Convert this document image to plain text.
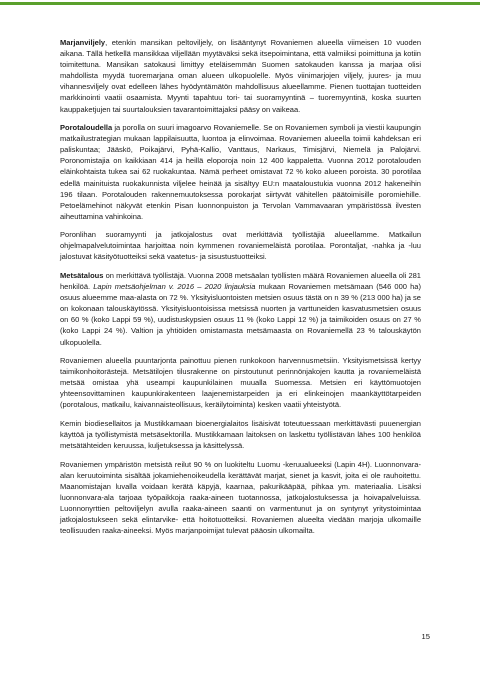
Marjanviljely, etenkin mansikan peltoviljely, on lisääntynyt Rovaniemen alueella viimeisen 10 vuoden aikana. Tällä hetkellä mansikkaa viljellään myytäväksi sekä itsepoimintana, että valmiiksi poimittuna ja kotiin toimitettuna. Mansikan satokausi limittyy eteläisemmän Suomen satokauden kanssa ja marjaa olisi mahdollista myydä tuoremarjana oman alueen ulkopuolelle. Myös viinimarjojen viljely, juures- ja muu vihannesviljely ovat edelleen lähes hyödyntämätön mahdollisuus alueellamme. Pienen tuottajan tuotteiden markkinointi vaatii osaamista. Myynti tapahtuu tori- tai suoramyyntinä – tuoremyyntinä, koska suurten kauppaketjujen tai suurtalouksien tavarantoimittajaksi pääsy on vaikeaa.

Porotaloudella ja porolla on suuri imagoarvo Rovaniemelle. Se on Rovaniemen symboli ja viestii kaupungin matkailustrategian mukaan lappilaisuutta, luontoa ja elinvoimaa. Rovaniemen alueella toimii kahdeksan eri paliskuntaa; Jääskö, Poikajärvi, Pyhä-Kallio, Vanttaus, Narkaus, Timisjärvi, Niemelä ja Palojärvi. Poronomistajia on kaikkiaan 414 ja heillä eloporoja noin 12 400 kappaletta. Vuonna 2012 porotalouden eläinkohtaista tukea sai 62 ruokakuntaa. Nämä perheet omistavat 72 % koko alueen poroista. 30 porotilaa edellä mainituista ruokakunnista viljelee heinää ja sisältyy EU:n maataloustukia vuonna 2012 hakeneihin 196 tilaan. Porotalouden rakennemuutoksessa porokarjat siirtyvät vähitellen päätoimisille poromiehille. Petoelämehinot näkyvät etenkin Pisan luonnonpuiston ja Tervolan Vammavaaran ympäristössä ilvesten aiheuttamina vahinkoina.

Poronlihan suoramyynti ja jatkojalostus ovat merkittäviä työllistäjiä alueellamme. Matkailun ohjelmapalvelutoimintaa harjoittaa noin kymmenen rovaniemeläistä porotilaa. Porontaljat, -nahka ja -luu jalostuvat käsityötuotteiksi sekä vaatetus- ja sisustustuotteiksi.

Metsätalous on merkittävä työllistäjä. Vuonna 2008 metsäalan työllisten määrä Rovaniemen alueella oli 281 henkilöä. Lapin metsäohjelman v. 2016 – 2020 linjauksia mukaan Rovaniemen metsämaan (546 000 ha) osuus alueemme maa-alasta on 72 %. Yksityisluontoisten metsien osuus tästä on n 39 % (213 000 ha) ja se on kokonaan talouskäytössä. Yksityisluontoisissa metsissä nuorten ja varttuneiden kasvatusmetsien osuus on 60 % (koko Lappi 59 %), uudistuskypsien osuus 11 % (koko Lappi 12 %) ja taimikoiden osuus on 27 % (koko Lappi 24 %). Valtion ja yhtiöiden omistamasta metsämaasta on Rovaniemellä 23 % talouskäytön ulkopuolella.

Rovaniemen alueella puuntarjonta painottuu pienen runkokoon harvennusmetsiin. Yksityismetsissä kertyy taimikonhoitorästejä. Metsätilojen tilusrakenne on pirstoutunut perinnönjakojen kautta ja rovaniemeläistä metsää omistaa yhä useampi kaupunkilainen muualla Suomessa. Metsien eri käyttömuotojen yhteensovittaminen kaupunkirakenteen laajenemistarpeiden ja eri elinkeinojen maankäyttötarpeiden (porotalous, matkailu, kaivannaisteollisuus, keräilytoiminta) kesken vaatii yhteistyötä.

Kemin biodiesellaitos ja Mustikkamaan bioenergialaitos lisäisivät toteutuessaan merkittävästi puuenergian käyttöä ja työllistymistä metsäsektorilla. Mustikkamaan laitoksen on laskettu työllistävän lähes 100 henkilöä metsätähteiden keruussa, kuljetuksessa ja käsittelyssä.

Rovaniemen ympäristön metsistä reilut 90 % on luokiteltu Luomu -keruualueeksi (Lapin 4H). Luonnonvara-alan keruutoiminta sisältää jokamiehenoikeudella kerättävät marjat, sienet ja kasvit, joita ei ole rauhoitettu. Maanomistajan luvalla voidaan kerätä käpyjä, kaarnaa, pakurikääpää, pihkaa ym. materiaalia. Lisäksi luonnonvara-ala tarjoaa työpaikkoja raaka-aineen tuotannossa, jatkojalostuksessa ja hoivapalveluissa. Luonnonyrttien peltoviljelyn avulla raaka-aineen saanti on varmentunut ja on syntynyt yritystoimintaa jatkojalostukseen sekä elintarvike- että hoitotuotteiksi. Rovaniemen alueelta viedään marjoja ulkomaille teollisuuden raaka-aineeksi. Myös marjanpoimijat tulevat pääosin ulkomailta.

15
